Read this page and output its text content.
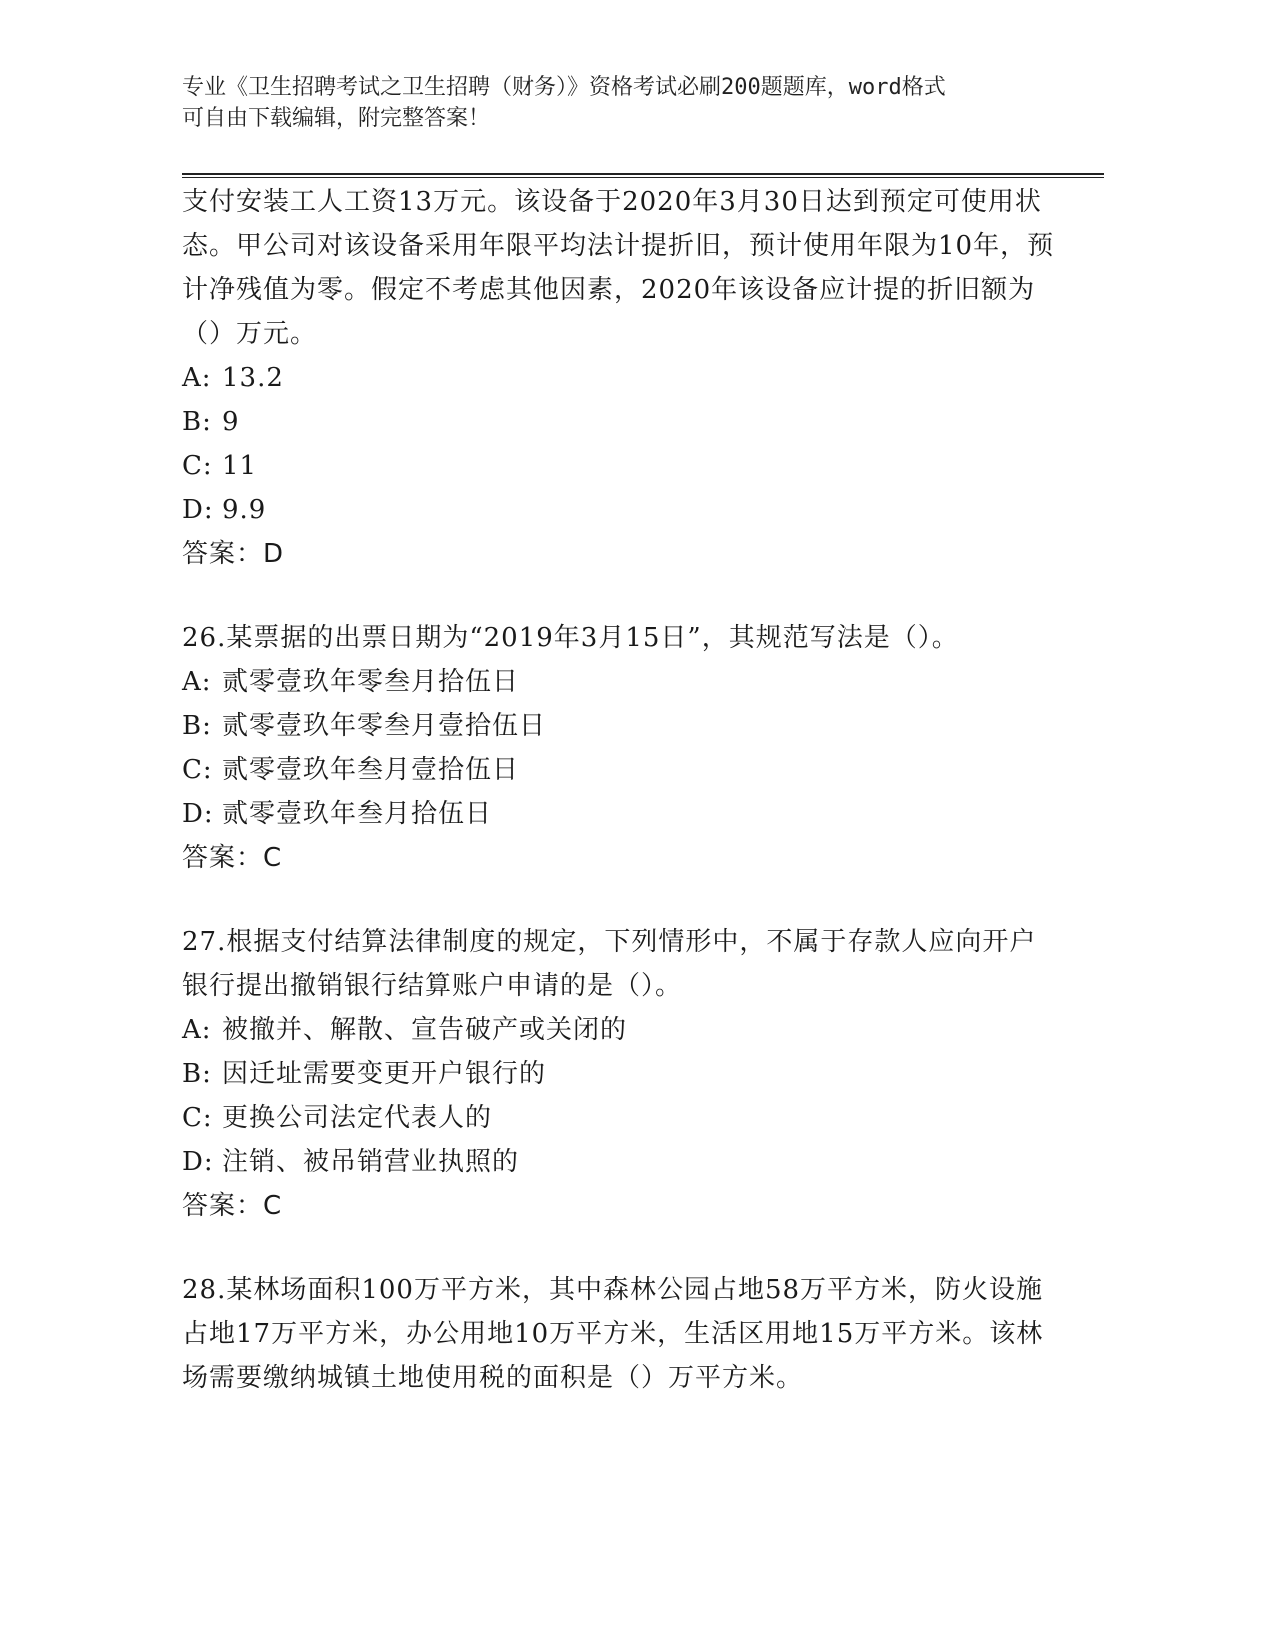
专业《卫生招聘考试之卫生招聘（财务）》资格考试必刷200题题库，word格式
可自由下载编辑，附完整答案！
支付安装工人工资13万元。该设备于2020年3月30日达到预定可使用状态。甲公司对该设备采用年限平均法计提折旧，预计使用年限为10年，预计净残值为零。假定不考虑其他因素，2020年该设备应计提的折旧额为（）万元。
A: 13.2
B: 9
C: 11
D: 9.9
答案：D
26.某票据的出票日期为“2019年3月15日”，其规范写法是（）。
A: 贰零壹玖年零叁月拾伍日
B: 贰零壹玖年零叁月壹拾伍日
C: 贰零壹玖年叁月壹拾伍日
D: 贰零壹玖年叁月拾伍日
答案：C
27.根据支付结算法律制度的规定，下列情形中，不属于存款人应向开户银行提出撤销银行结算账户申请的是（）。
A: 被撤并、解散、宣告破产或关闭的
B: 因迁址需要变更开户银行的
C: 更换公司法定代表人的
D: 注销、被吊销营业执照的
答案：C
28.某林场面积100万平方米，其中森林公园占地58万平方米，防火设施占地17万平方米，办公用地10万平方米，生活区用地15万平方米。该林场需要缴纳城镇土地使用税的面积是（）万平方米。
